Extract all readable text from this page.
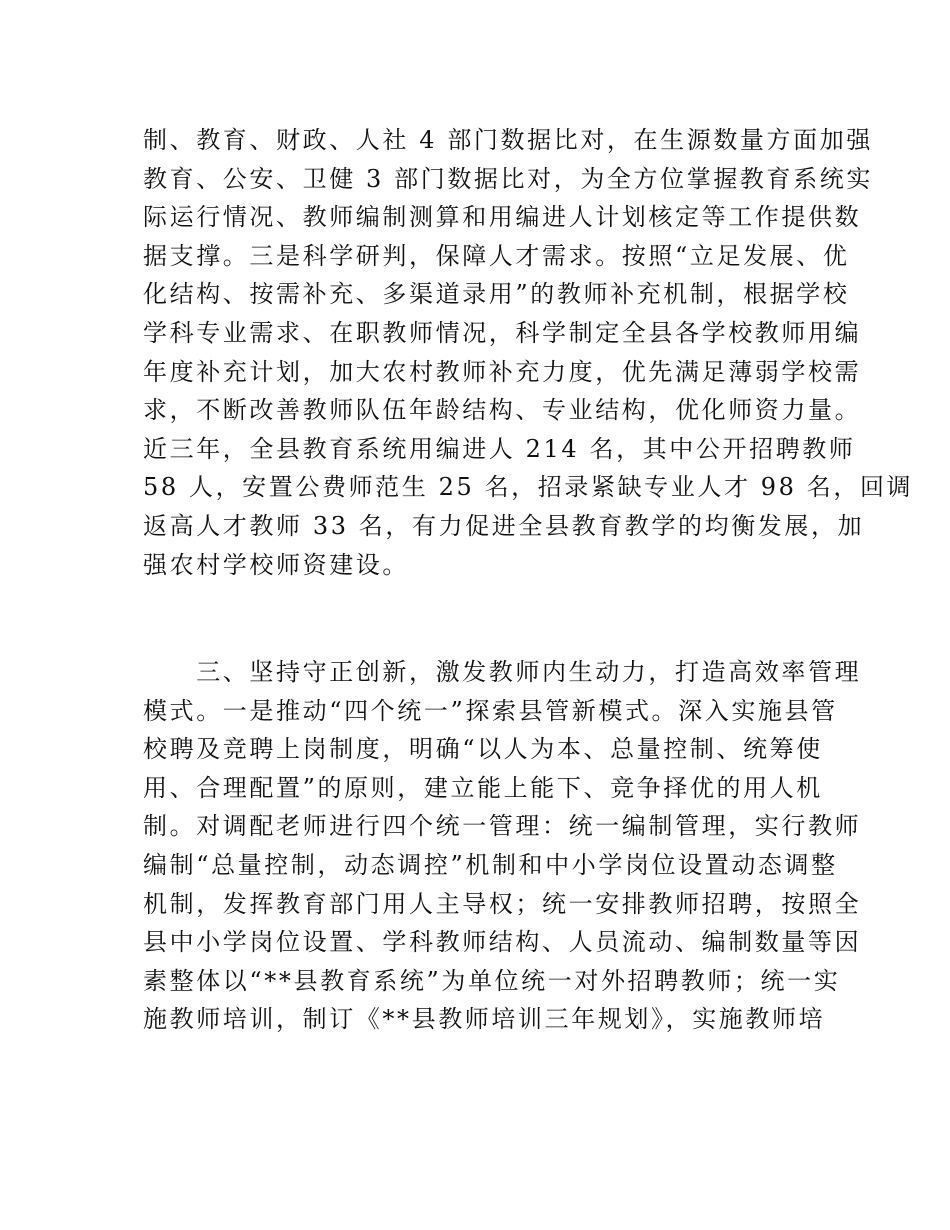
制、教育、财政、人社 4 部门数据比对，在生源数量方面加强
教育、公安、卫健 3 部门数据比对，为全方位掌握教育系统实
际运行情况、教师编制测算和用编进人计划核定等工作提供数
据支撑。三是科学研判，保障人才需求。按照“立足发展、优
化结构、按需补充、多渠道录用”的教师补充机制，根据学校
学科专业需求、在职教师情况，科学制定全县各学校教师用编
年度补充计划，加大农村教师补充力度，优先满足薄弱学校需
求，不断改善教师队伍年龄结构、专业结构，优化师资力量。
近三年，全县教育系统用编进人 214 名，其中公开招聘教师
58 人，安置公费师范生 25 名，招录紧缺专业人才 98 名，回调
返高人才教师 33 名，有力促进全县教育教学的均衡发展，加
强农村学校师资建设。
　　三、坚持守正创新，激发教师内生动力，打造高效率管理
模式。一是推动“四个统一”探索县管新模式。深入实施县管
校聘及竞聘上岗制度，明确“以人为本、总量控制、统筹使
用、合理配置”的原则，建立能上能下、竞争择优的用人机
制。对调配老师进行四个统一管理：统一编制管理，实行教师
编制“总量控制，动态调控”机制和中小学岗位设置动态调整
机制，发挥教育部门用人主导权；统一安排教师招聘，按照全
县中小学岗位设置、学科教师结构、人员流动、编制数量等因
素整体以“**县教育系统”为单位统一对外招聘教师；统一实
施教师培训，制订《**县教师培训三年规划》，实施教师培
